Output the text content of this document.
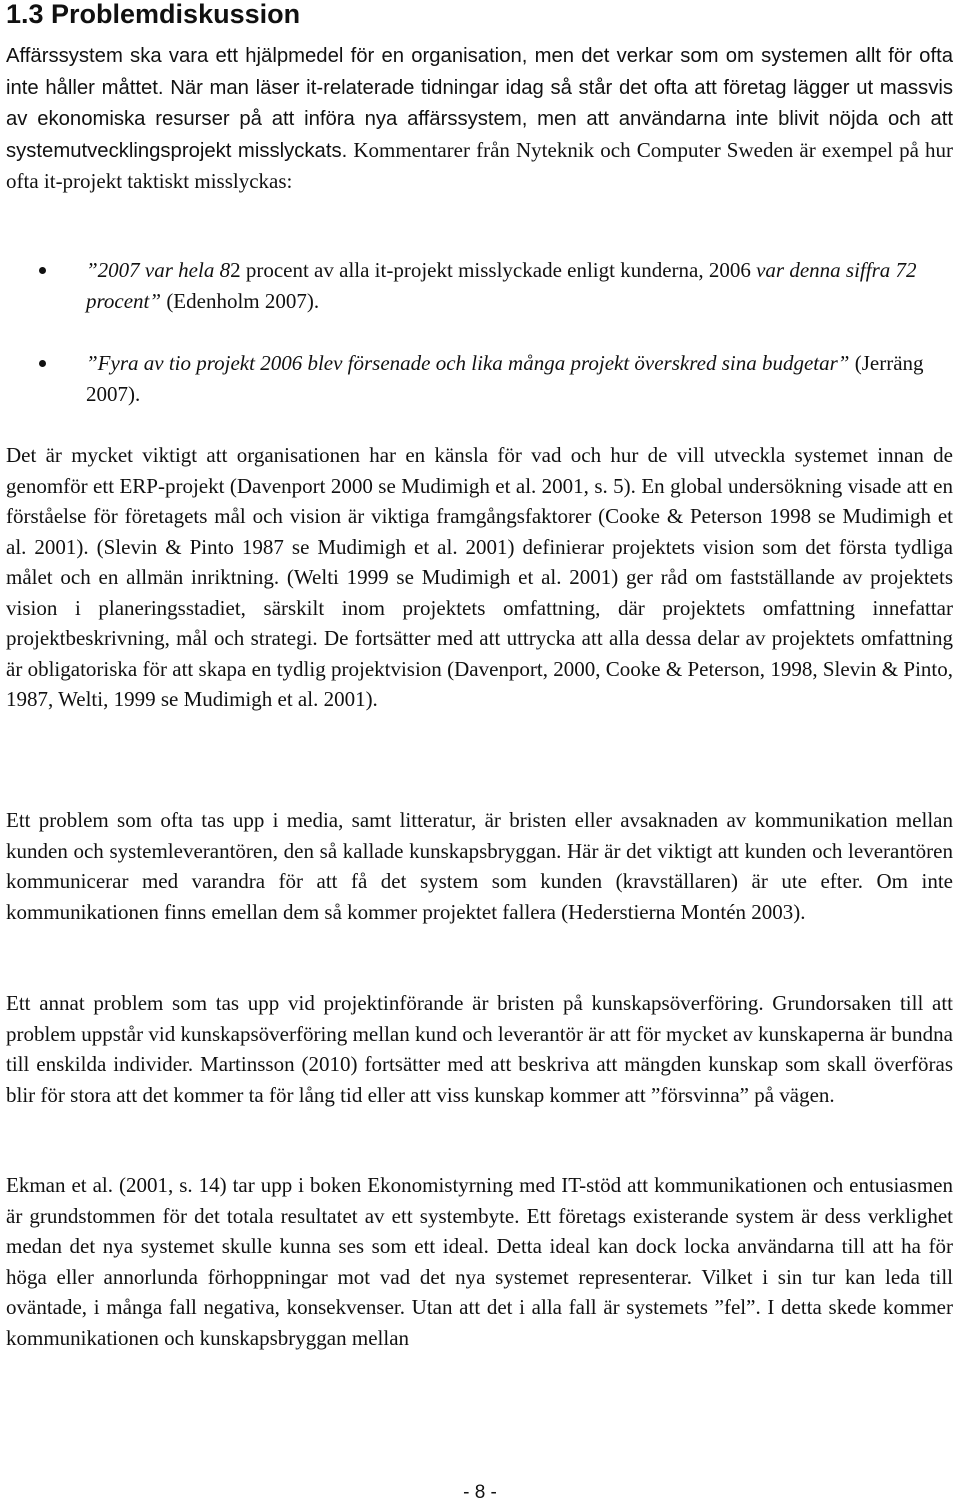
1.3 Problemdiskussion

Affärssystem ska vara ett hjälpmedel för en organisation, men det verkar som om systemen allt för ofta inte håller måttet. När man läser it-relaterade tidningar idag så står det ofta att företag lägger ut massvis av ekonomiska resurser på att införa nya affärssystem, men att användarna inte blivit nöjda och att systemutvecklingsprojekt misslyckats. Kommentarer från Nyteknik och Computer Sweden är exempel på hur ofta it-projekt taktiskt misslyckas:

”2007 var hela 82 procent av alla it-projekt misslyckade enligt kunderna, 2006 var denna siffra 72 procent” (Edenholm 2007).

”Fyra av tio projekt 2006 blev försenade och lika många projekt överskred sina budgetar” (Jerräng 2007).

Det är mycket viktigt att organisationen har en känsla för vad och hur de vill utveckla systemet innan de genomför ett ERP-projekt (Davenport 2000 se Mudimigh et al. 2001, s. 5). En global undersökning visade att en förståelse för företagets mål och vision är viktiga framgångsfaktorer (Cooke & Peterson 1998 se Mudimigh et al. 2001). (Slevin & Pinto 1987 se Mudimigh et al. 2001) definierar projektets vision som det första tydliga målet och en allmän inriktning. (Welti 1999 se Mudimigh et al. 2001) ger råd om fastställande av projektets vision i planeringsstadiet, särskilt inom projektets omfattning, där projektets omfattning innefattar projektbeskrivning, mål och strategi. De fortsätter med att uttrycka att alla dessa delar av projektets omfattning är obligatoriska för att skapa en tydlig projektvision (Davenport, 2000, Cooke & Peterson, 1998, Slevin & Pinto, 1987, Welti, 1999 se Mudimigh et al. 2001).

Ett problem som ofta tas upp i media, samt litteratur, är bristen eller avsaknaden av kommunikation mellan kunden och systemleverantören, den så kallade kunskapsbryggan. Här är det viktigt att kunden och leverantören kommunicerar med varandra för att få det system som kunden (kravställaren) är ute efter. Om inte kommunikationen finns emellan dem så kommer projektet fallera (Hederstierna Montén 2003).

Ett annat problem som tas upp vid projektinförande är bristen på kunskapsöverföring. Grundorsaken till att problem uppstår vid kunskapsöverföring mellan kund och leverantör är att för mycket av kunskaperna är bundna till enskilda individer. Martinsson (2010) fortsätter med att beskriva att mängden kunskap som skall överföras blir för stora att det kommer ta för lång tid eller att viss kunskap kommer att ”försvinna” på vägen.

Ekman et al. (2001, s. 14) tar upp i boken Ekonomistyrning med IT-stöd att kommunikationen och entusiasmen är grundstommen för det totala resultatet av ett systembyte. Ett företags existerande system är dess verklighet medan det nya systemet skulle kunna ses som ett ideal. Detta ideal kan dock locka användarna till att ha för höga eller annorlunda förhoppningar mot vad det nya systemet representerar. Vilket i sin tur kan leda till oväntade, i många fall negativa, konsekvenser. Utan att det i alla fall är systemets ”fel”. I detta skede kommer kommunikationen och kunskapsbryggan mellan

- 8 -
